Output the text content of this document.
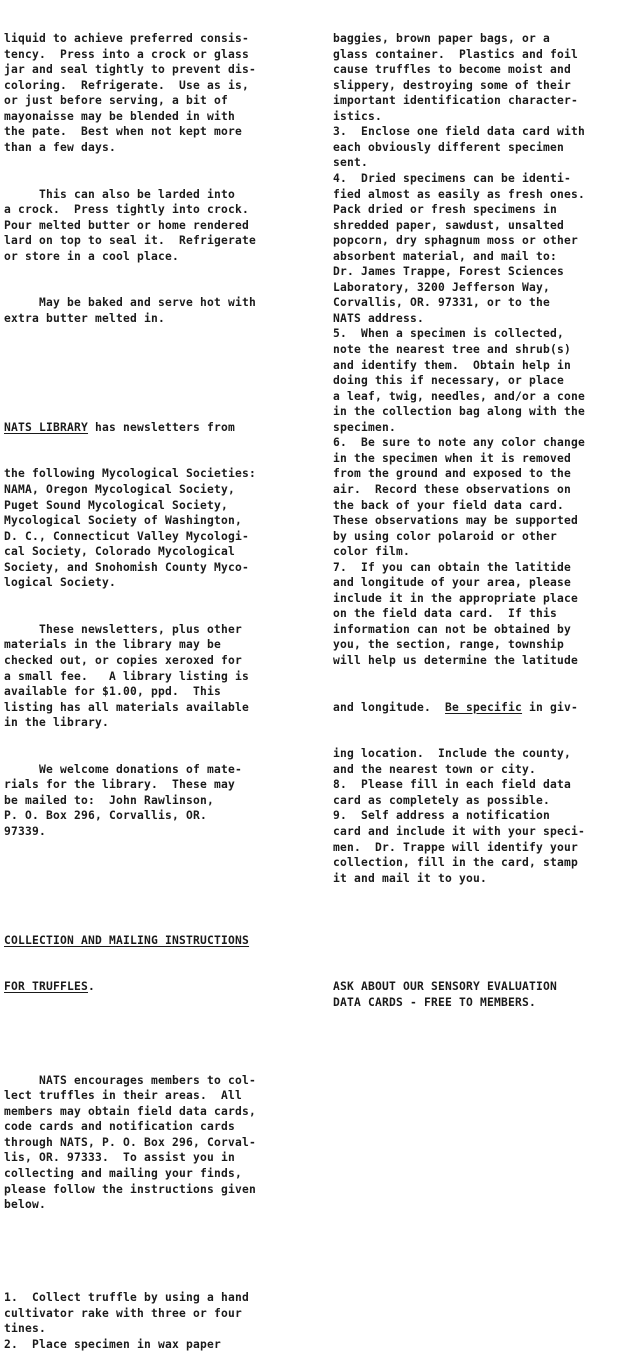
liquid to achieve preferred consis-
tency.  Press into a crock or glass
jar and seal tightly to prevent dis-
coloring.  Refrigerate.  Use as is,
or just before serving, a bit of
mayonaisse may be blended in with
the pate.  Best when not kept more
than a few days.

This can also be larded into
a crock.  Press tightly into crock.
Pour melted butter or home rendered
lard on top to seal it.  Refrigerate
or store in a cool place.

May be baked and serve hot with
extra butter melted in.

NATS LIBRARY has newsletters from

the following Mycological Societies:
NAMA, Oregon Mycological Society,
Puget Sound Mycological Society,
Mycological Society of Washington,
D. C., Connecticut Valley Mycologi-
cal Society, Colorado Mycological
Society, and Snohomish County Myco-
logical Society.

These newsletters, plus other
materials in the library may be
checked out, or copies xeroxed for
a small fee.   A library listing is
available for $1.00, ppd.  This
listing has all materials available
in the library.

We welcome donations of mate-
rials for the library.  These may
be mailed to:  John Rawlinson,
P. O. Box 296, Corvallis, OR.
97339.

COLLECTION AND MAILING INSTRUCTIONS

FOR TRUFFLES.

NATS encourages members to col-
lect truffles in their areas.  All
members may obtain field data cards,
code cards and notification cards
through NATS, P. O. Box 296, Corval-
lis, OR. 97333.  To assist you in
collecting and mailing your finds,
please follow the instructions given
below.

1.  Collect truffle by using a hand
cultivator rake with three or four
tines.
2.  Place specimen in wax paper

baggies, brown paper bags, or a
glass container.  Plastics and foil
cause truffles to become moist and
slippery, destroying some of their
important identification character-
istics.
3.  Enclose one field data card with
each obviously different specimen
sent.
4.  Dried specimens can be identi-
fied almost as easily as fresh ones.
Pack dried or fresh specimens in
shredded paper, sawdust, unsalted
popcorn, dry sphagnum moss or other
absorbent material, and mail to:
Dr. James Trappe, Forest Sciences
Laboratory, 3200 Jefferson Way,
Corvallis, OR. 97331, or to the
NATS address.
5.  When a specimen is collected,
note the nearest tree and shrub(s)
and identify them.  Obtain help in
doing this if necessary, or place
a leaf, twig, needles, and/or a cone
in the collection bag along with the
specimen.
6.  Be sure to note any color change
in the specimen when it is removed
from the ground and exposed to the
air.  Record these observations on
the back of your field data card.
These observations may be supported
by using color polaroid or other
color film.
7.  If you can obtain the latitide
and longitude of your area, please
include it in the appropriate place
on the field data card.  If this
information can not be obtained by
you, the section, range, township
will help us determine the latitude

and longitude.  Be specific in giv-

ing location.  Include the county,
and the nearest town or city.
8.  Please fill in each field data
card as completely as possible.
9.  Self address a notification
card and include it with your speci-
men.  Dr. Trappe will identify your
collection, fill in the card, stamp
it and mail it to you.

ASK ABOUT OUR SENSORY EVALUATION
DATA CARDS - FREE TO MEMBERS.
